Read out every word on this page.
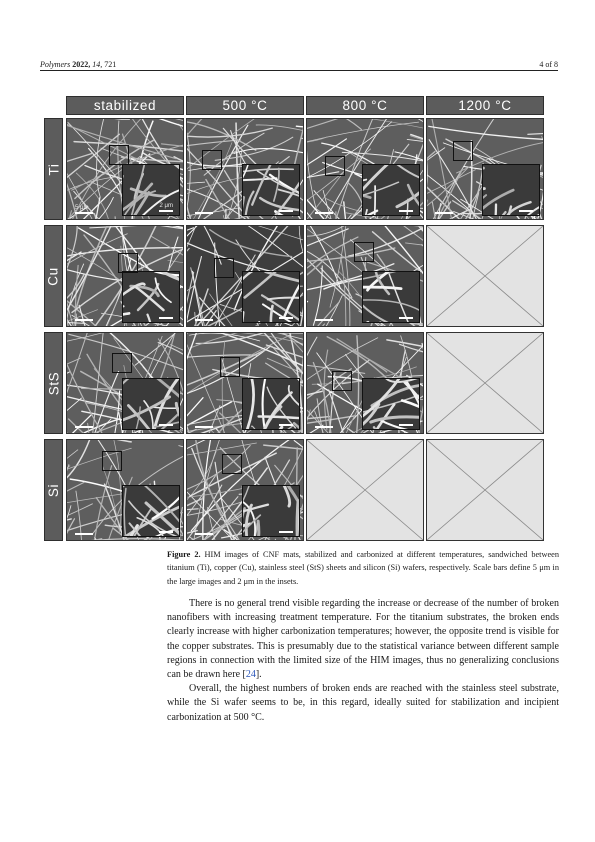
Polymers 2022, 14, 721	4 of 8
stabilized	500 °C	800 °C	1200 °C
Ti
Cu
StS
Si
5 μm	2 μm
Figure 2. HIM images of CNF mats, stabilized and carbonized at different temperatures, sandwiched between titanium (Ti), copper (Cu), stainless steel (StS) sheets and silicon (Si) wafers, respectively. Scale bars define 5 μm in the large images and 2 μm in the insets.

There is no general trend visible regarding the increase or decrease of the number of broken nanofibers with increasing treatment temperature. For the titanium substrates, the broken ends clearly increase with higher carbonization temperatures; however, the opposite trend is visible for the copper substrates. This is presumably due to the statistical variance between different sample regions in connection with the limited size of the HIM images, thus no generalizing conclusions can be drawn here [24].

Overall, the highest numbers of broken ends are reached with the stainless steel substrate, while the Si wafer seems to be, in this regard, ideally suited for stabilization and incipient carbonization at 500 °C.
